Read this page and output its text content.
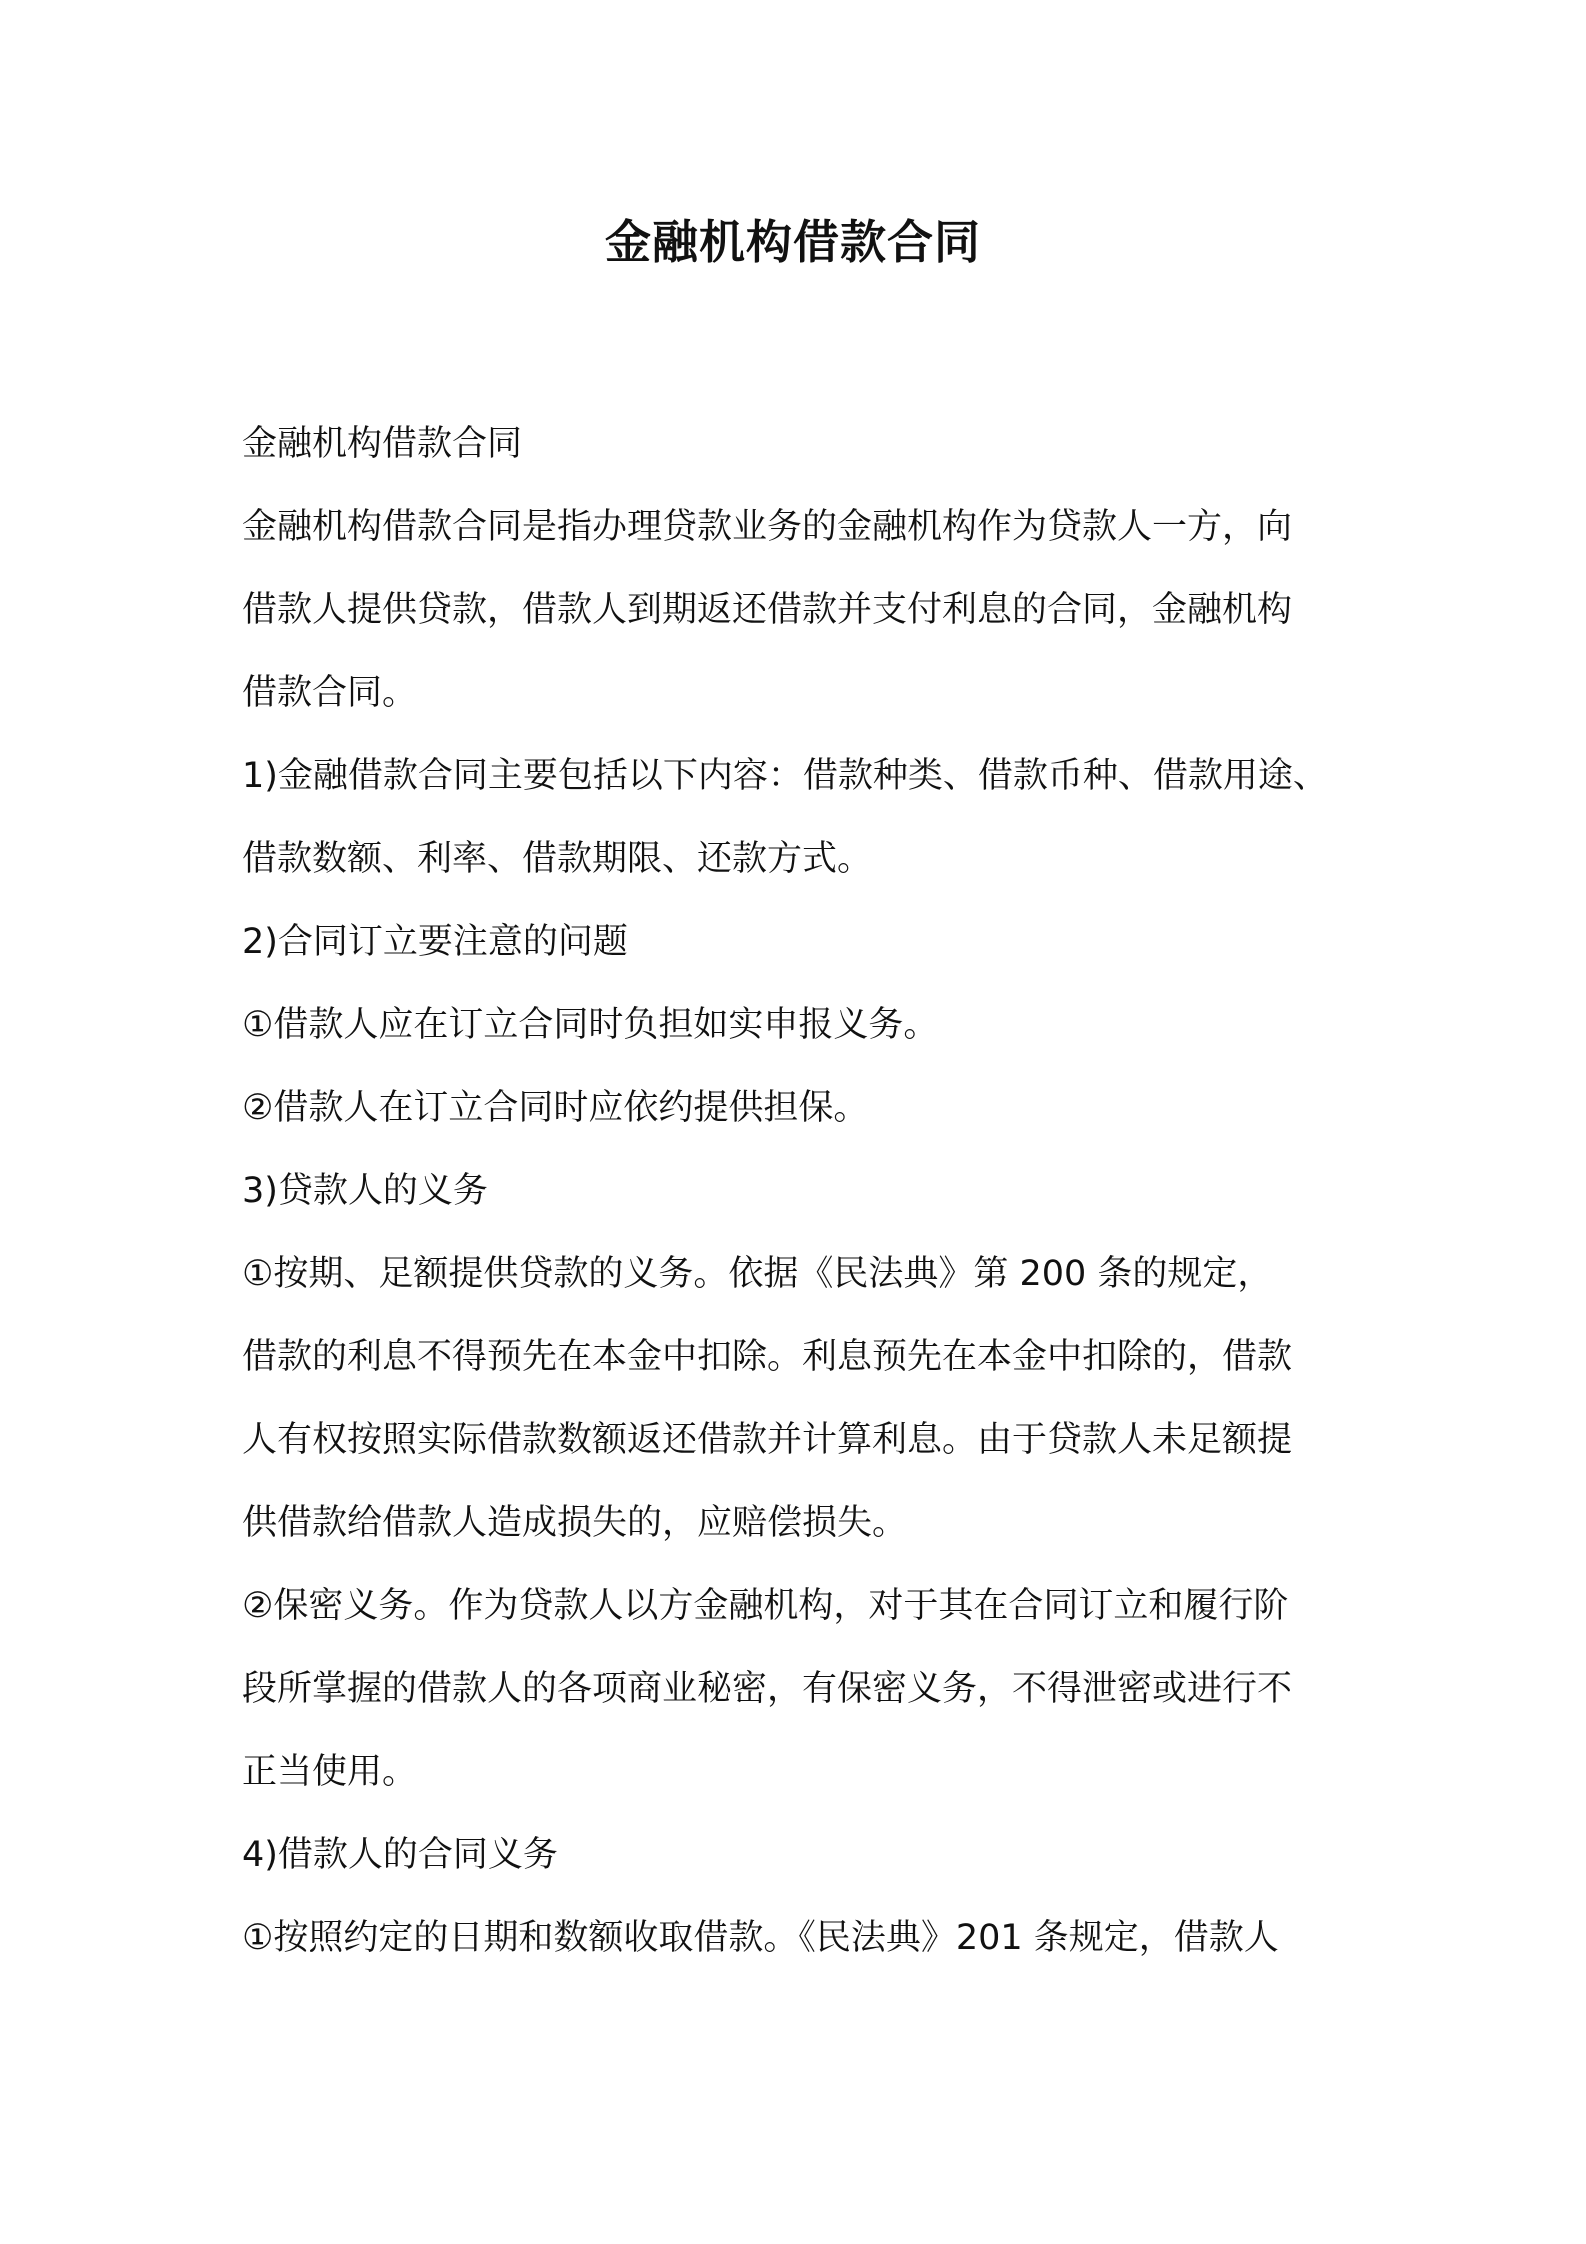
金融机构借款合同
金融机构借款合同
金融机构借款合同是指办理贷款业务的金融机构作为贷款人一方，向
借款人提供贷款，借款人到期返还借款并支付利息的合同，金融机构
借款合同。
1)金融借款合同主要包括以下内容：借款种类、借款币种、借款用途、
借款数额、利率、借款期限、还款方式。
2)合同订立要注意的问题
①借款人应在订立合同时负担如实申报义务。
②借款人在订立合同时应依约提供担保。
3)贷款人的义务
①按期、足额提供贷款的义务。依据《民法典》第 200 条的规定，
借款的利息不得预先在本金中扣除。利息预先在本金中扣除的，借款
人有权按照实际借款数额返还借款并计算利息。由于贷款人未足额提
供借款给借款人造成损失的，应赔偿损失。
②保密义务。作为贷款人以方金融机构，对于其在合同订立和履行阶
段所掌握的借款人的各项商业秘密，有保密义务，不得泄密或进行不
正当使用。
4)借款人的合同义务
①按照约定的日期和数额收取借款。《民法典》201 条规定，借款人
